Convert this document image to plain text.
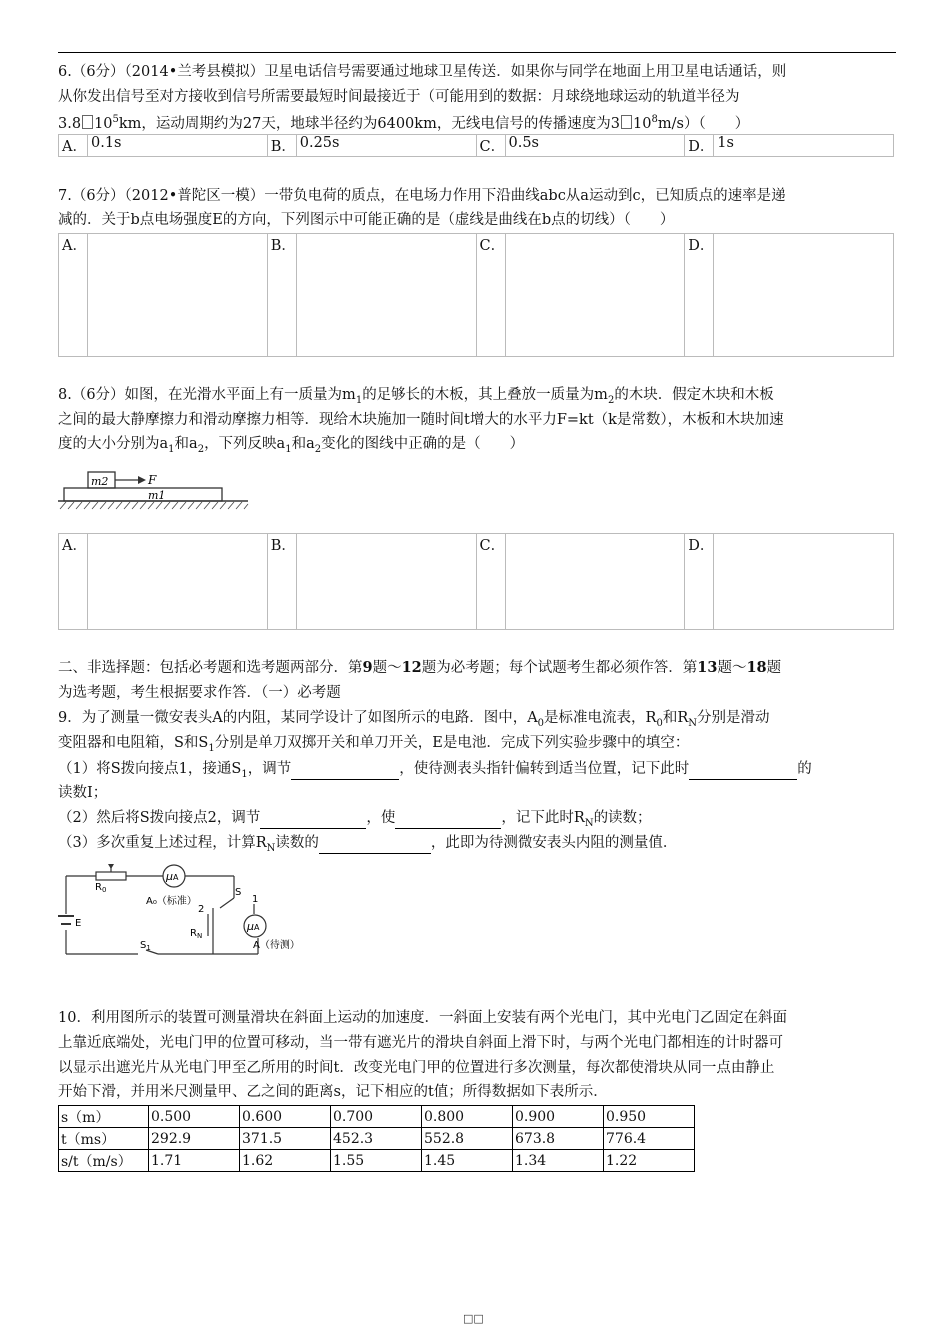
6.（6分）（2014•兰考县模拟）卫星电话信号需要通过地球卫星传送．如果你与同学在地面上用卫星电话通话，则
从你发出信号至对方接收到信号所需要最短时间最接近于（可能用到的数据：月球绕地球运动的轨道半径为
3.8 $10^5km$，运动周期约为27天，地球半径约为6400km，无线电信号的传播速度为3 $10^8m/s$）（　　）
A．	0.1s	B．	0.25s	C．	0.5s	D．	1s
7.（6分）（2012•普陀区一模）一带负电荷的质点，在电场力作用下沿曲线abc从a运动到c，已知质点的速率是递
减的．关于b点电场强度E的方向，下列图示中可能正确的是（虚线是曲线在b点的切线）（　　）
A．		B．		C．		D．	
8.（6分）如图，在光滑水平面上有一质量为$m_1$的足够长的木板，其上叠放一质量为$m_2$的木块．假定木块和木板
之间的最大静摩擦力和滑动摩擦力相等．现给木块施加一随时间t增大的水平力F=kt（k是常数），木板和木块加速
度的大小分别为$a_1$和$a_2$，下列反映$a_1$和$a_2$变化的图线中正确的是（　　）
m2	F
m1
A．		B．		C．		D．	
二、非选择题：包括必考题和选考题两部分．第9题～12题为必考题；每个试题考生都必须作答．第13题～18题
为选考题，考生根据要求作答．（一）必考题
9．为了测量一微安表头A的内阻，某同学设计了如图所示的电路．图中，$A_0$是标准电流表，$R_0$和$R_N$分别是滑动
变阻器和电阻箱，S和$S_1$分别是单刀双掷开关和单刀开关，E是电池．完成下列实验步骤中的填空：
（1）将S拨向接点1，接通$S_1$，调节	，使待测表头指针偏转到适当位置，记下此时	的
读数I；
（2）然后将S拨向接点2，调节	，使	，记下此时$R_N$的读数；
（3）多次重复上述过程，计算$R_N$读数的	，此即为待测微安表头内阻的测量值．
$R_0$
μA
A₀（标准）
S
1
2
$R_N$
μA
A（待测）
E
$S_1$
10．利用图所示的装置可测量滑块在斜面上运动的加速度．一斜面上安装有两个光电门，其中光电门乙固定在斜面
上靠近底端处，光电门甲的位置可移动，当一带有遮光片的滑块自斜面上滑下时，与两个光电门都相连的计时器可
以显示出遮光片从光电门甲至乙所用的时间t．改变光电门甲的位置进行多次测量，每次都使滑块从同一点由静止
开始下滑，并用米尺测量甲、乙之间的距离s，记下相应的t值；所得数据如下表所示．
s（m）	0.500	0.600	0.700	0.800	0.900	0.950
t（ms）	292.9	371.5	452.3	552.8	673.8	776.4
s/t（m/s）	1.71	1.62	1.55	1.45	1.34	1.22
□□
